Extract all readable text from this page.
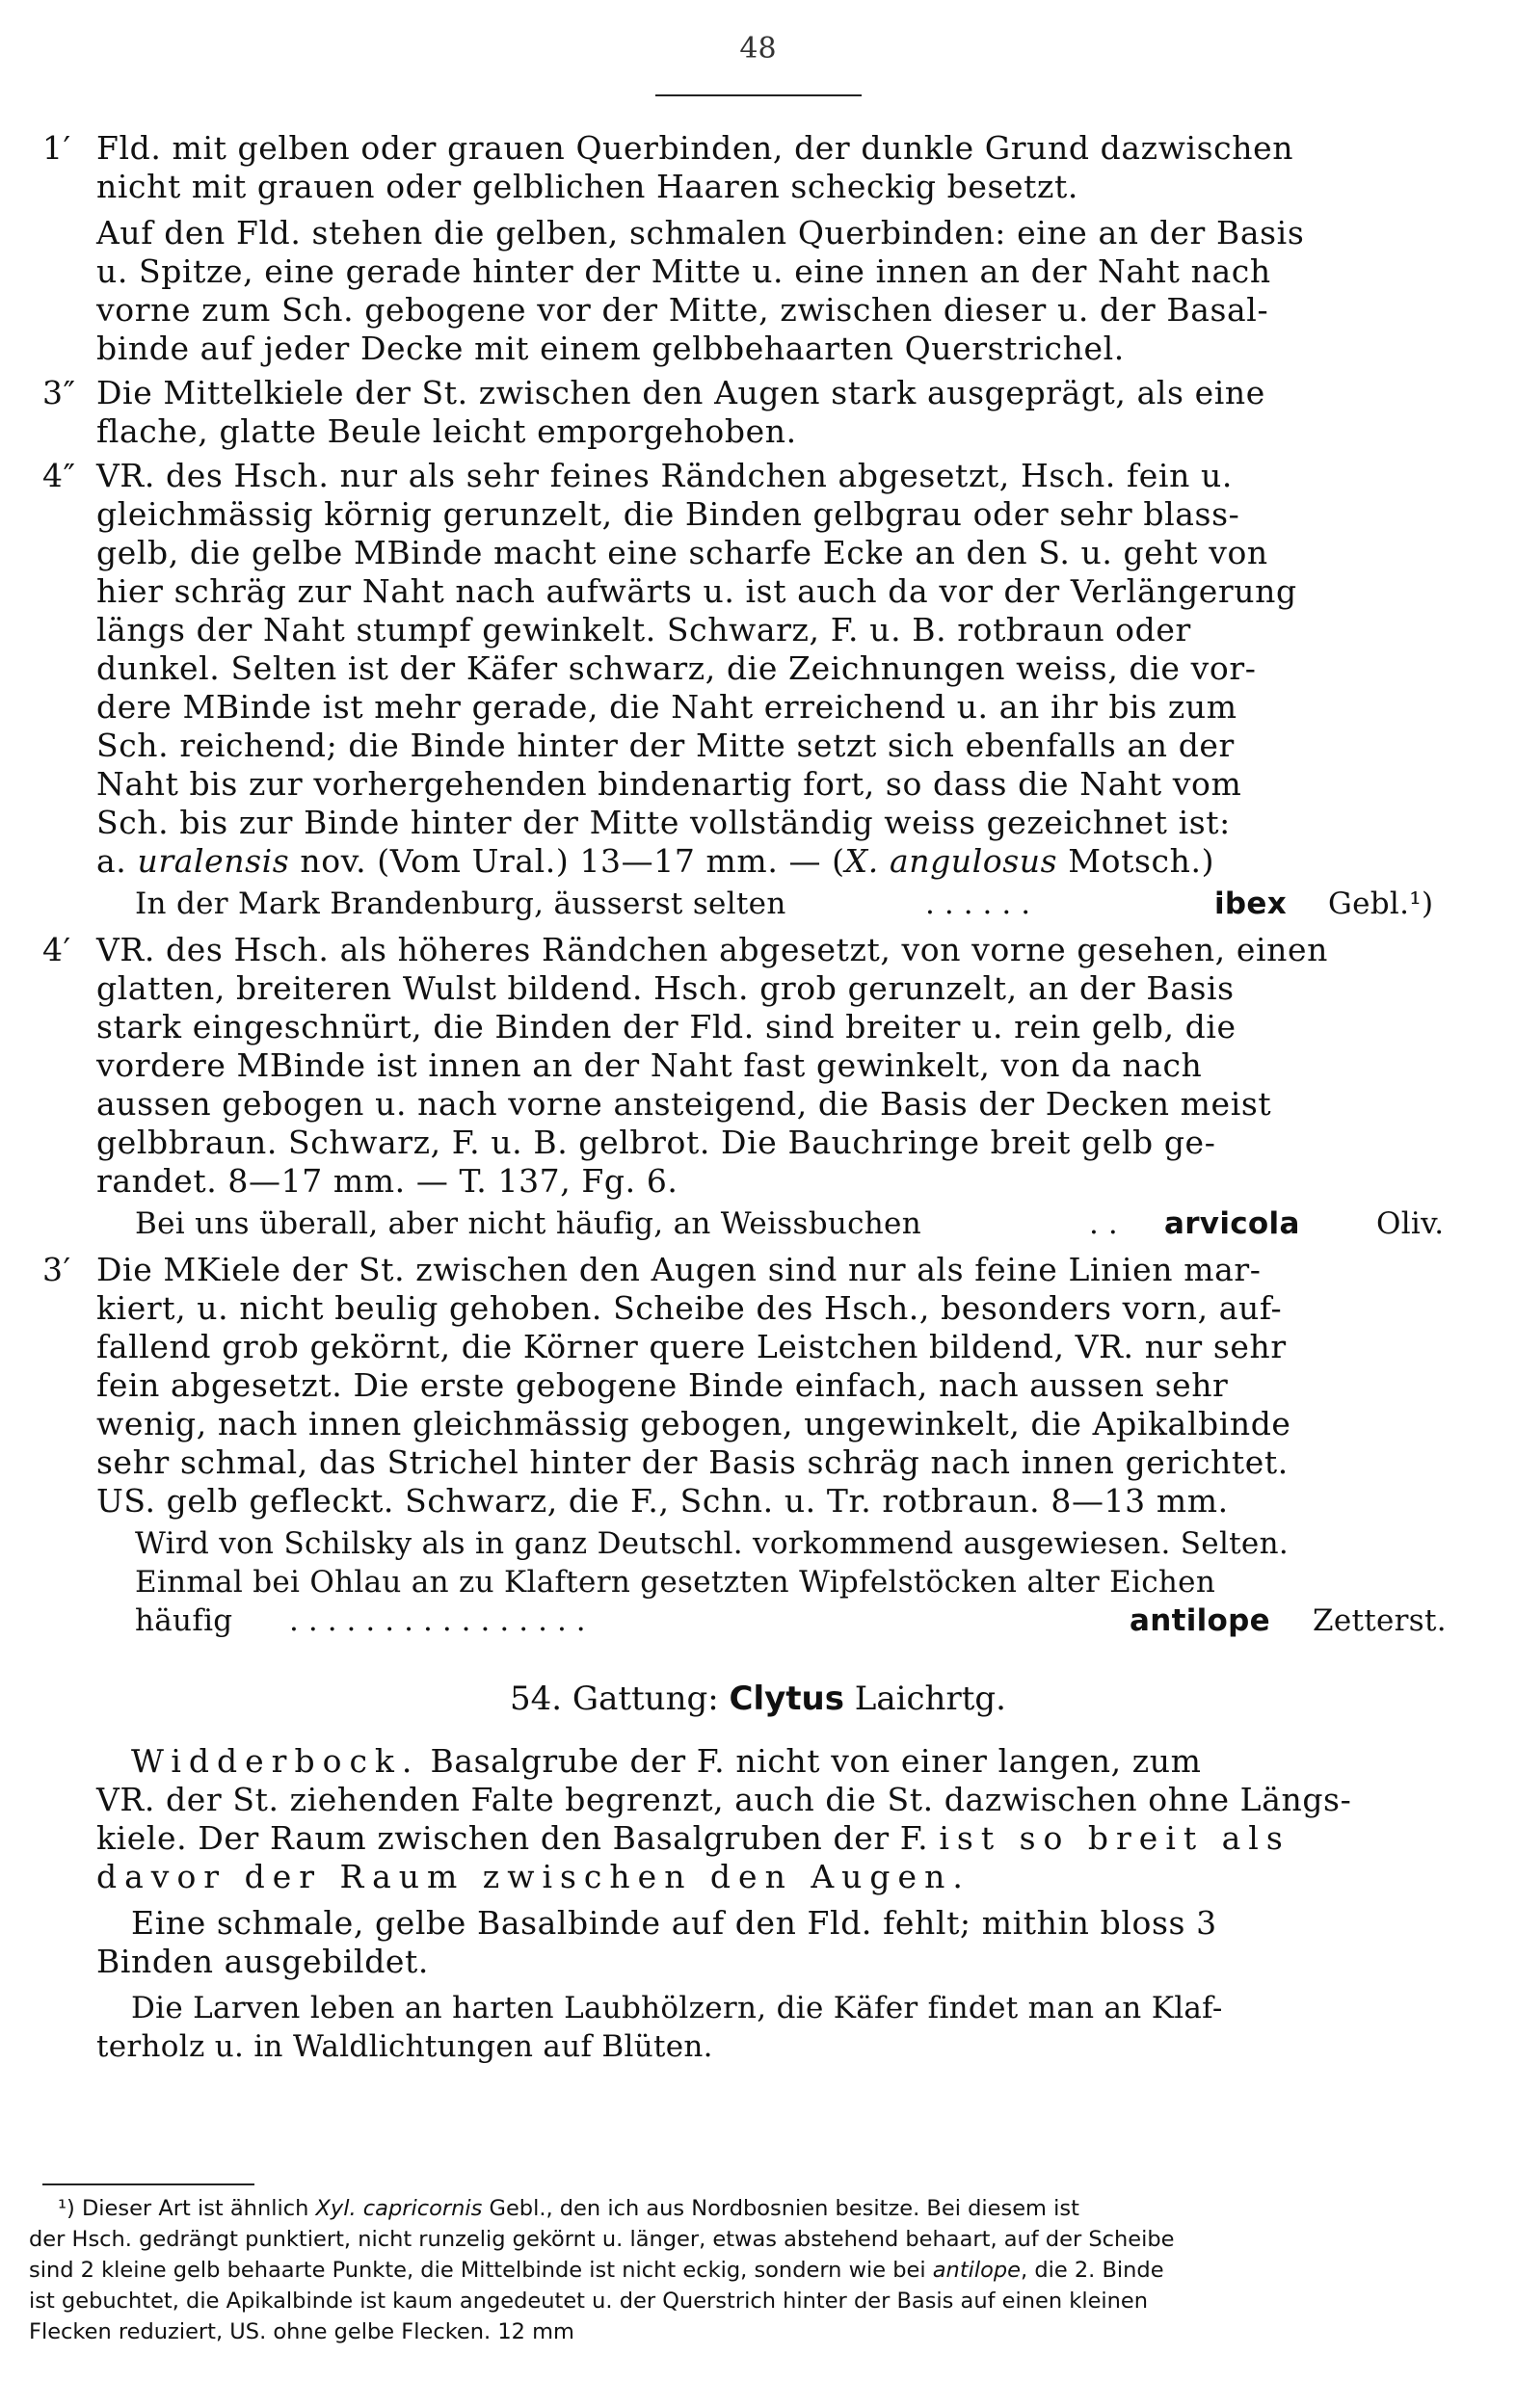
48
1′ Fld. mit gelben oder grauen Querbinden, der dunkle Grund dazwischen
nicht mit grauen oder gelblichen Haaren scheckig besetzt.
Auf den Fld. stehen die gelben, schmalen Querbinden: eine an der Basis
u. Spitze, eine gerade hinter der Mitte u. eine innen an der Naht nach
vorne zum Sch. gebogene vor der Mitte, zwischen dieser u. der Basal-
binde auf jeder Decke mit einem gelbbehaarten Querstrichel.
3″ Die Mittelkiele der St. zwischen den Augen stark ausgeprägt, als eine
flache, glatte Beule leicht emporgehoben.
4″ VR. des Hsch. nur als sehr feines Rändchen abgesetzt, Hsch. fein u.
gleichmässig körnig gerunzelt, die Binden gelbgrau oder sehr blass-
gelb, die gelbe MBinde macht eine scharfe Ecke an den S. u. geht von
hier schräg zur Naht nach aufwärts u. ist auch da vor der Verlängerung
längs der Naht stumpf gewinkelt. Schwarz, F. u. B. rotbraun oder
dunkel. Selten ist der Käfer schwarz, die Zeichnungen weiss, die vor-
dere MBinde ist mehr gerade, die Naht erreichend u. an ihr bis zum
Sch. reichend; die Binde hinter der Mitte setzt sich ebenfalls an der
Naht bis zur vorhergehenden bindenartig fort, so dass die Naht vom
Sch. bis zur Binde hinter der Mitte vollständig weiss gezeichnet ist:
a. uralensis nov. (Vom Ural.) 13—17 mm. — (X. angulosus Motsch.)
In der Mark Brandenburg, äusserst selten	......	ibex Gebl.¹)
4′ VR. des Hsch. als höheres Rändchen abgesetzt, von vorne gesehen, einen
glatten, breiteren Wulst bildend. Hsch. grob gerunzelt, an der Basis
stark eingeschnürt, die Binden der Fld. sind breiter u. rein gelb, die
vordere MBinde ist innen an der Naht fast gewinkelt, von da nach
aussen gebogen u. nach vorne ansteigend, die Basis der Decken meist
gelbbraun. Schwarz, F. u. B. gelbrot. Die Bauchringe breit gelb ge-
randet. 8—17 mm. — T. 137, Fg. 6.
Bei uns überall, aber nicht häufig, an Weissbuchen	.. arvicola	Oliv.
3′ Die MKiele der St. zwischen den Augen sind nur als feine Linien mar-
kiert, u. nicht beulig gehoben. Scheibe des Hsch., besonders vorn, auf-
fallend grob gekörnt, die Körner quere Leistchen bildend, VR. nur sehr
fein abgesetzt. Die erste gebogene Binde einfach, nach aussen sehr
wenig, nach innen gleichmässig gebogen, ungewinkelt, die Apikalbinde
sehr schmal, das Strichel hinter der Basis schräg nach innen gerichtet.
US. gelb gefleckt. Schwarz, die F., Schn. u. Tr. rotbraun. 8—13 mm.
Wird von Schilsky als in ganz Deutschl. vorkommend ausgewiesen. Selten.
Einmal bei Ohlau an zu Klaftern gesetzten Wipfelstöcken alter Eichen
häufig ................	antilope Zetterst.
54. Gattung: Clytus Laichrtg.
Widderbock. Basalgrube der F. nicht von einer langen, zum
VR. der St. ziehenden Falte begrenzt, auch die St. dazwischen ohne Längs-
kiele. Der Raum zwischen den Basalgruben der F. ist so breit als
davor der Raum zwischen den Augen.
Eine schmale, gelbe Basalbinde auf den Fld. fehlt; mithin bloss 3
Binden ausgebildet.
Die Larven leben an harten Laubhölzern, die Käfer findet man an Klaf-
terholz u. in Waldlichtungen auf Blüten.
¹) Dieser Art ist ähnlich Xyl. capricornis Gebl., den ich aus Nordbosnien besitze. Bei diesem ist
der Hsch. gedrängt punktiert, nicht runzelig gekörnt u. länger, etwas abstehend behaart, auf der Scheibe
sind 2 kleine gelb behaarte Punkte, die Mittelbinde ist nicht eckig, sondern wie bei antilope, die 2. Binde
ist gebuchtet, die Apikalbinde ist kaum angedeutet u. der Querstrich hinter der Basis auf einen kleinen
Flecken reduziert, US. ohne gelbe Flecken. 12 mm
